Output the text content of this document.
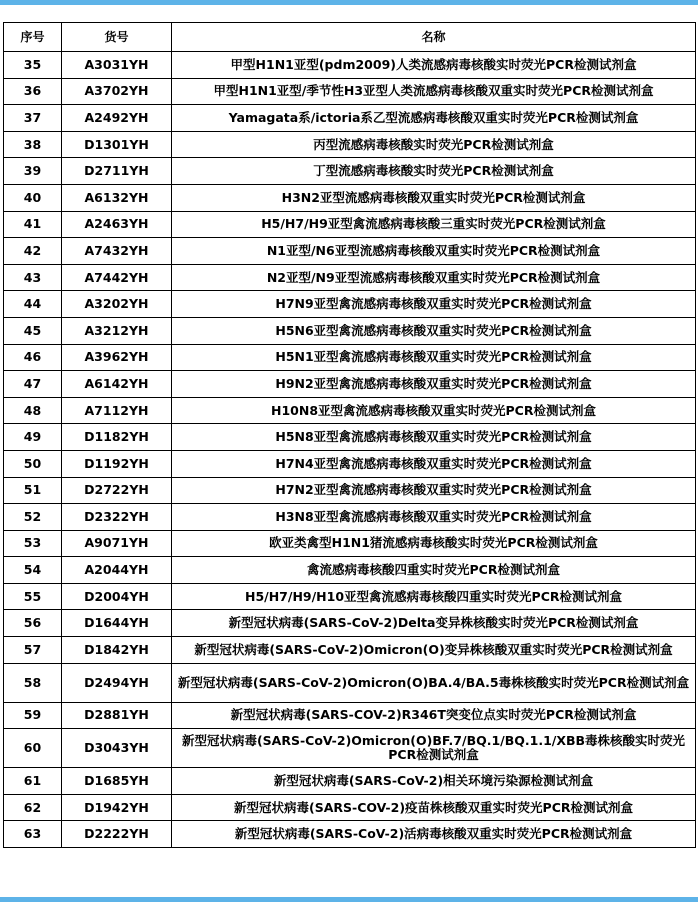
序号	货号	名称
35	A3031YH	甲型H1N1亚型(pdm2009)人类流感病毒核酸实时荧光PCR检测试剂盒
36	A3702YH	甲型H1N1亚型/季节性H3亚型人类流感病毒核酸双重实时荧光PCR检测试剂盒
37	A2492YH	Yamagata系/ictoria系乙型流感病毒核酸双重实时荧光PCR检测试剂盒
38	D1301YH	丙型流感病毒核酸实时荧光PCR检测试剂盒
39	D2711YH	丁型流感病毒核酸实时荧光PCR检测试剂盒
40	A6132YH	H3N2亚型流感病毒核酸双重实时荧光PCR检测试剂盒
41	A2463YH	H5/H7/H9亚型禽流感病毒核酸三重实时荧光PCR检测试剂盒
42	A7432YH	N1亚型/N6亚型流感病毒核酸双重实时荧光PCR检测试剂盒
43	A7442YH	N2亚型/N9亚型流感病毒核酸双重实时荧光PCR检测试剂盒
44	A3202YH	H7N9亚型禽流感病毒核酸双重实时荧光PCR检测试剂盒
45	A3212YH	H5N6亚型禽流感病毒核酸双重实时荧光PCR检测试剂盒
46	A3962YH	H5N1亚型禽流感病毒核酸双重实时荧光PCR检测试剂盒
47	A6142YH	H9N2亚型禽流感病毒核酸双重实时荧光PCR检测试剂盒
48	A7112YH	H10N8亚型禽流感病毒核酸双重实时荧光PCR检测试剂盒
49	D1182YH	H5N8亚型禽流感病毒核酸双重实时荧光PCR检测试剂盒
50	D1192YH	H7N4亚型禽流感病毒核酸双重实时荧光PCR检测试剂盒
51	D2722YH	H7N2亚型禽流感病毒核酸双重实时荧光PCR检测试剂盒
52	D2322YH	H3N8亚型禽流感病毒核酸双重实时荧光PCR检测试剂盒
53	A9071YH	欧亚类禽型H1N1猪流感病毒核酸实时荧光PCR检测试剂盒
54	A2044YH	禽流感病毒核酸四重实时荧光PCR检测试剂盒
55	D2004YH	H5/H7/H9/H10亚型禽流感病毒核酸四重实时荧光PCR检测试剂盒
56	D1644YH	新型冠状病毒(SARS-CoV-2)Delta变异株核酸实时荧光PCR检测试剂盒
57	D1842YH	新型冠状病毒(SARS-CoV-2)Omicron(O)变异株核酸双重实时荧光PCR检测试剂盒
58	D2494YH	新型冠状病毒(SARS-CoV-2)Omicron(O)BA.4/BA.5毒株核酸实时荧光PCR检测试剂盒
59	D2881YH	新型冠状病毒(SARS-COV-2)R346T突变位点实时荧光PCR检测试剂盒
60	D3043YH	新型冠状病毒(SARS-CoV-2)Omicron(O)BF.7/BQ.1/BQ.1.1/XBB毒株核酸实时荧光PCR检测试剂盒
61	D1685YH	新型冠状病毒(SARS-CoV-2)相关环境污染源检测试剂盒
62	D1942YH	新型冠状病毒(SARS-COV-2)疫苗株核酸双重实时荧光PCR检测试剂盒
63	D2222YH	新型冠状病毒(SARS-CoV-2)活病毒核酸双重实时荧光PCR检测试剂盒
